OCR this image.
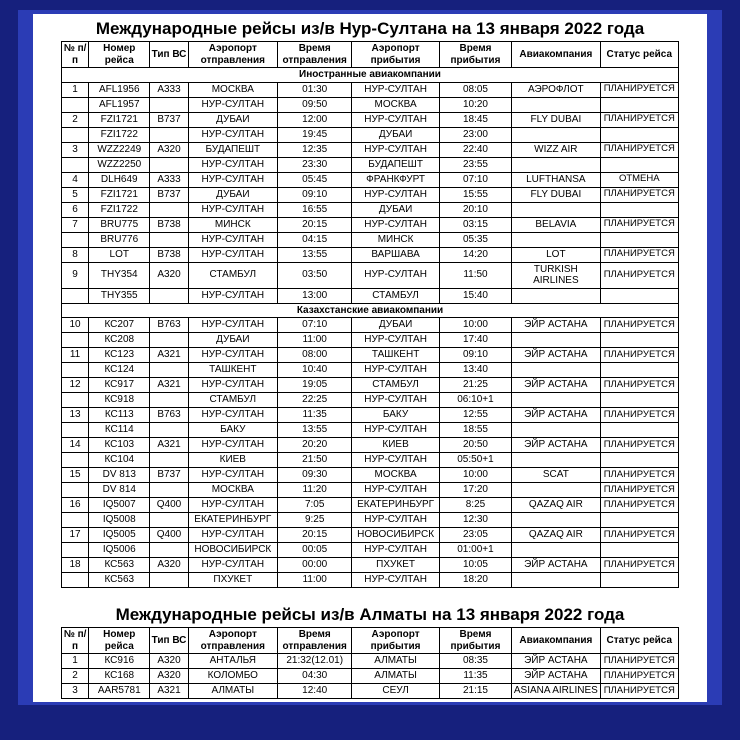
Международные рейсы из/в Нур-Султана на 13 января 2022 года
№ п/п	Номер рейса	Тип ВС	Аэропорт отправления	Время отправления	Аэропорт прибытия	Время прибытия	Авиакомпания	Статус рейса
Иностранные авиакомпании								
1	AFL1956	A333	МОСКВА	01:30	НУР-СУЛТАН	08:05	АЭРОФЛОТ	ПЛАНИРУЕТСЯ
	AFL1957		НУР-СУЛТАН	09:50	МОСКВА	10:20		
2	FZI1721	B737	ДУБАИ	12:00	НУР-СУЛТАН	18:45	FLY DUBAI	ПЛАНИРУЕТСЯ
	FZI1722		НУР-СУЛТАН	19:45	ДУБАИ	23:00		
3	WZZ2249	A320	БУДАПЕШТ	12:35	НУР-СУЛТАН	22:40	WIZZ AIR	ПЛАНИРУЕТСЯ
	WZZ2250		НУР-СУЛТАН	23:30	БУДАПЕШТ	23:55		
4	DLH649	A333	НУР-СУЛТАН	05:45	ФРАНКФУРТ	07:10	LUFTHANSA	ОТМЕНА
5	FZI1721	B737	ДУБАИ	09:10	НУР-СУЛТАН	15:55	FLY DUBAI	ПЛАНИРУЕТСЯ
6	FZI1722		НУР-СУЛТАН	16:55	ДУБАИ	20:10		
7	BRU775	B738	МИНСК	20:15	НУР-СУЛТАН	03:15	BELAVIA	ПЛАНИРУЕТСЯ
	BRU776		НУР-СУЛТАН	04:15	МИНСК	05:35		
8	LOT	B738	НУР-СУЛТАН	13:55	ВАРШАВА	14:20	LOT	ПЛАНИРУЕТСЯ
9	THY354	A320	СТАМБУЛ	03:50	НУР-СУЛТАН	11:50	TURKISH AIRLINES	ПЛАНИРУЕТСЯ
	THY355		НУР-СУЛТАН	13:00	СТАМБУЛ	15:40		
Казахстанские авиакомпании								
10	КС207	B763	НУР-СУЛТАН	07:10	ДУБАИ	10:00	ЭЙР АСТАНА	ПЛАНИРУЕТСЯ
	КС208		ДУБАИ	11:00	НУР-СУЛТАН	17:40		
11	КС123	A321	НУР-СУЛТАН	08:00	ТАШКЕНТ	09:10	ЭЙР АСТАНА	ПЛАНИРУЕТСЯ
	КС124		ТАШКЕНТ	10:40	НУР-СУЛТАН	13:40		
12	КС917	A321	НУР-СУЛТАН	19:05	СТАМБУЛ	21:25	ЭЙР АСТАНА	ПЛАНИРУЕТСЯ
	КС918		СТАМБУЛ	22:25	НУР-СУЛТАН	06:10+1		
13	КС113	B763	НУР-СУЛТАН	11:35	БАКУ	12:55	ЭЙР АСТАНА	ПЛАНИРУЕТСЯ
	КС114		БАКУ	13:55	НУР-СУЛТАН	18:55		
14	КС103	A321	НУР-СУЛТАН	20:20	КИЕВ	20:50	ЭЙР АСТАНА	ПЛАНИРУЕТСЯ
	КС104		КИЕВ	21:50	НУР-СУЛТАН	05:50+1		
15	DV 813	B737	НУР-СУЛТАН	09:30	МОСКВА	10:00	SCAT	ПЛАНИРУЕТСЯ
	DV 814		МОСКВА	11:20	НУР-СУЛТАН	17:20		ПЛАНИРУЕТСЯ
16	IQ5007	Q400	НУР-СУЛТАН	7:05	ЕКАТЕРИНБУРГ	8:25	QAZAQ AIR	ПЛАНИРУЕТСЯ
	IQ5008		ЕКАТЕРИНБУРГ	9:25	НУР-СУЛТАН	12:30		
17	IQ5005	Q400	НУР-СУЛТАН	20:15	НОВОСИБИРСК	23:05	QAZAQ AIR	ПЛАНИРУЕТСЯ
	IQ5006		НОВОСИБИРСК	00:05	НУР-СУЛТАН	01:00+1		
18	КС563	A320	НУР-СУЛТАН	00:00	ПХУКЕТ	10:05	ЭЙР АСТАНА	ПЛАНИРУЕТСЯ
	КС563		ПХУКЕТ	11:00	НУР-СУЛТАН	18:20		
Международные рейсы из/в Алматы на 13 января 2022 года
№ п/п	Номер рейса	Тип ВС	Аэропорт отправления	Время отправления	Аэропорт прибытия	Время прибытия	Авиакомпания	Статус рейса
1	КС916	A320	АНТАЛЬЯ	21:32(12.01)	АЛМАТЫ	08:35	ЭЙР АСТАНА	ПЛАНИРУЕТСЯ
2	КС168	A320	КОЛОМБО	04:30	АЛМАТЫ	11:35	ЭЙР АСТАНА	ПЛАНИРУЕТСЯ
3	AAR5781	A321	АЛМАТЫ	12:40	СЕУЛ	21:15	ASIANA AIRLINES	ПЛАНИРУЕТСЯ
